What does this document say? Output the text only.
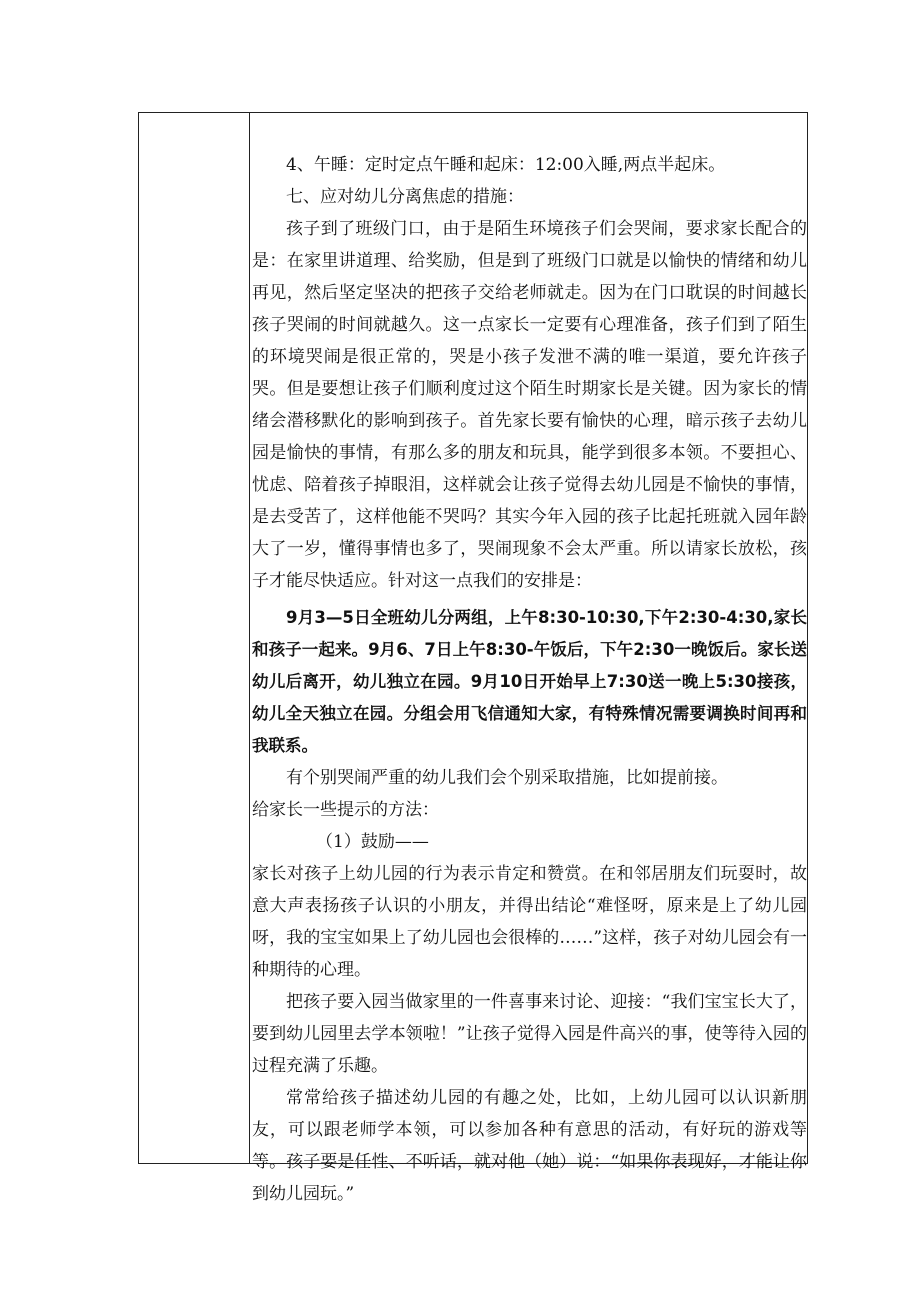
4、午睡：定时定点午睡和起床：12:00入睡,两点半起床。

七、应对幼儿分离焦虑的措施：

孩子到了班级门口，由于是陌生环境孩子们会哭闹，要求家长配合的是：在家里讲道理、给奖励，但是到了班级门口就是以愉快的情绪和幼儿再见，然后坚定坚决的把孩子交给老师就走。因为在门口耽误的时间越长孩子哭闹的时间就越久。这一点家长一定要有心理准备，孩子们到了陌生的环境哭闹是很正常的，哭是小孩子发泄不满的唯一渠道，要允许孩子哭。但是要想让孩子们顺利度过这个陌生时期家长是关键。因为家长的情绪会潜移默化的影响到孩子。首先家长要有愉快的心理，暗示孩子去幼儿园是愉快的事情，有那么多的朋友和玩具，能学到很多本领。不要担心、忧虑、陪着孩子掉眼泪，这样就会让孩子觉得去幼儿园是不愉快的事情，是去受苦了，这样他能不哭吗？其实今年入园的孩子比起托班就入园年龄大了一岁，懂得事情也多了，哭闹现象不会太严重。所以请家长放松，孩子才能尽快适应。针对这一点我们的安排是：

9月3—5日全班幼儿分两组，上午8:30-10:30,下午2:30-4:30,家长和孩子一起来。9月6、7日上午8:30-午饭后，下午2:30一晚饭后。家长送幼儿后离开，幼儿独立在园。9月10日开始早上7:30送一晚上5:30接孩，幼儿全天独立在园。分组会用飞信通知大家，有特殊情况需要调换时间再和我联系。

有个别哭闹严重的幼儿我们会个别采取措施，比如提前接。

给家长一些提示的方法：

（1）鼓励——

家长对孩子上幼儿园的行为表示肯定和赞赏。在和邻居朋友们玩耍时，故意大声表扬孩子认识的小朋友，并得出结论“难怪呀，原来是上了幼儿园呀，我的宝宝如果上了幼儿园也会很棒的……”这样，孩子对幼儿园会有一种期待的心理。

把孩子要入园当做家里的一件喜事来讨论、迎接：“我们宝宝长大了，要到幼儿园里去学本领啦！”让孩子觉得入园是件高兴的事，使等待入园的过程充满了乐趣。

常常给孩子描述幼儿园的有趣之处，比如，上幼儿园可以认识新朋友，可以跟老师学本领，可以参加各种有意思的活动，有好玩的游戏等等。孩子要是任性、不听话，就对他（她）说：“如果你表现好，才能让你到幼儿园玩。”
